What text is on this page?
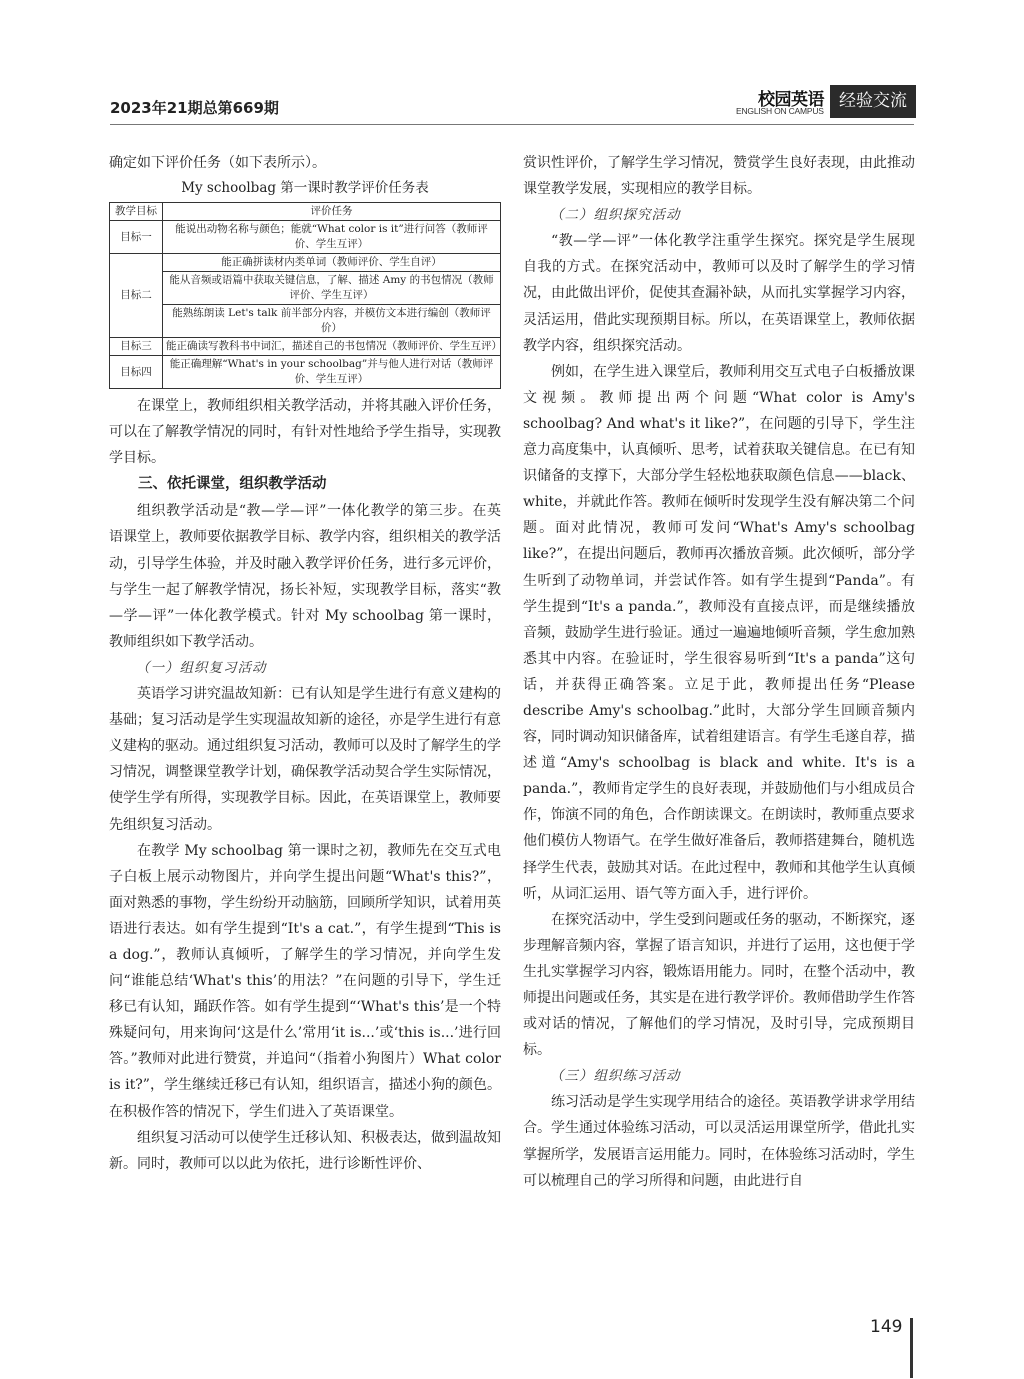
2023年21期总第669期	校园英语
ENGLISH ON CAMPUS 经验交流

确定如下评价任务（如下表所示）。

My schoolbag 第一课时教学评价任务表

教学目标	评价任务
目标一	能说出动物名称与颜色；能就“What color is it”进行问答（教师评价、学生互评）
目标二	能正确拼读材内类单词（教师评价、学生自评）
	能从音频或语篇中获取关键信息，了解、描述 Amy 的书包情况（教师评价、学生互评）
	能熟练朗读 Let's talk 前半部分内容，并模仿文本进行编创（教师评价）
目标三	能正确读写教科书中词汇，描述自己的书包情况（教师评价、学生互评）
目标四	能正确理解“What's in your schoolbag”并与他人进行对话（教师评价、学生互评）

在课堂上，教师组织相关教学活动，并将其融入评价任务，可以在了解教学情况的同时，有针对性地给予学生指导，实现教学目标。

三、依托课堂，组织教学活动

组织教学活动是“教—学—评”一体化教学的第三步。在英语课堂上，教师要依据教学目标、教学内容，组织相关的教学活动，引导学生体验，并及时融入教学评价任务，进行多元评价，与学生一起了解教学情况，扬长补短，实现教学目标，落实“教—学—评”一体化教学模式。针对 My schoolbag 第一课时，教师组织如下教学活动。

（一）组织复习活动

英语学习讲究温故知新：已有认知是学生进行有意义建构的基础；复习活动是学生实现温故知新的途径，亦是学生进行有意义建构的驱动。通过组织复习活动，教师可以及时了解学生的学习情况，调整课堂教学计划，确保教学活动契合学生实际情况，使学生学有所得，实现教学目标。因此，在英语课堂上，教师要先组织复习活动。

在教学 My schoolbag 第一课时之初，教师先在交互式电子白板上展示动物图片，并向学生提出问题“What's this?”，面对熟悉的事物，学生纷纷开动脑筋，回顾所学知识，试着用英语进行表达。如有学生提到“It's a cat.”，有学生提到“This is a dog.”，教师认真倾听，了解学生的学习情况，并向学生发问“谁能总结‘What's this’的用法？”在问题的引导下，学生迁移已有认知，踊跃作答。如有学生提到“‘What's this’是一个特殊疑问句，用来询问‘这是什么’常用‘it is...’或‘this is...’进行回答。”教师对此进行赞赏，并追问“（指着小狗图片）What color is it?”，学生继续迁移已有认知，组织语言，描述小狗的颜色。在积极作答的情况下，学生们进入了英语课堂。

组织复习活动可以使学生迁移认知、积极表达，做到温故知新。同时，教师可以以此为依托，进行诊断性评价、

赏识性评价，了解学生学习情况，赞赏学生良好表现，由此推动课堂教学发展，实现相应的教学目标。

（二）组织探究活动

“教—学—评”一体化教学注重学生探究。探究是学生展现自我的方式。在探究活动中，教师可以及时了解学生的学习情况，由此做出评价，促使其查漏补缺，从而扎实掌握学习内容，灵活运用，借此实现预期目标。所以，在英语课堂上，教师依据教学内容，组织探究活动。

例如，在学生进入课堂后，教师利用交互式电子白板播放课文视频。教师提出两个问题“What color is Amy's schoolbag? And what's it like?”，在问题的引导下，学生注意力高度集中，认真倾听、思考，试着获取关键信息。在已有知识储备的支撑下，大部分学生轻松地获取颜色信息——black、white，并就此作答。教师在倾听时发现学生没有解决第二个问题。面对此情况，教师可发问“What's Amy's schoolbag like?”，在提出问题后，教师再次播放音频。此次倾听，部分学生听到了动物单词，并尝试作答。如有学生提到“Panda”。有学生提到“It's a panda.”，教师没有直接点评，而是继续播放音频，鼓励学生进行验证。通过一遍遍地倾听音频，学生愈加熟悉其中内容。在验证时，学生很容易听到“It's a panda”这句话，并获得正确答案。立足于此，教师提出任务“Please describe Amy's schoolbag.”此时，大部分学生回顾音频内容，同时调动知识储备库，试着组建语言。有学生毛遂自荐，描述道“Amy's schoolbag is black and white. It's is a panda.”，教师肯定学生的良好表现，并鼓励他们与小组成员合作，饰演不同的角色，合作朗读课文。在朗读时，教师重点要求他们模仿人物语气。在学生做好准备后，教师搭建舞台，随机选择学生代表，鼓励其对话。在此过程中，教师和其他学生认真倾听，从词汇运用、语气等方面入手，进行评价。

在探究活动中，学生受到问题或任务的驱动，不断探究，逐步理解音频内容，掌握了语言知识，并进行了运用，这也便于学生扎实掌握学习内容，锻炼语用能力。同时，在整个活动中，教师提出问题或任务，其实是在进行教学评价。教师借助学生作答或对话的情况，了解他们的学习情况，及时引导，完成预期目标。

（三）组织练习活动

练习活动是学生实现学用结合的途径。英语教学讲求学用结合。学生通过体验练习活动，可以灵活运用课堂所学，借此扎实掌握所学，发展语言运用能力。同时，在体验练习活动时，学生可以梳理自己的学习所得和问题，由此进行自

149
